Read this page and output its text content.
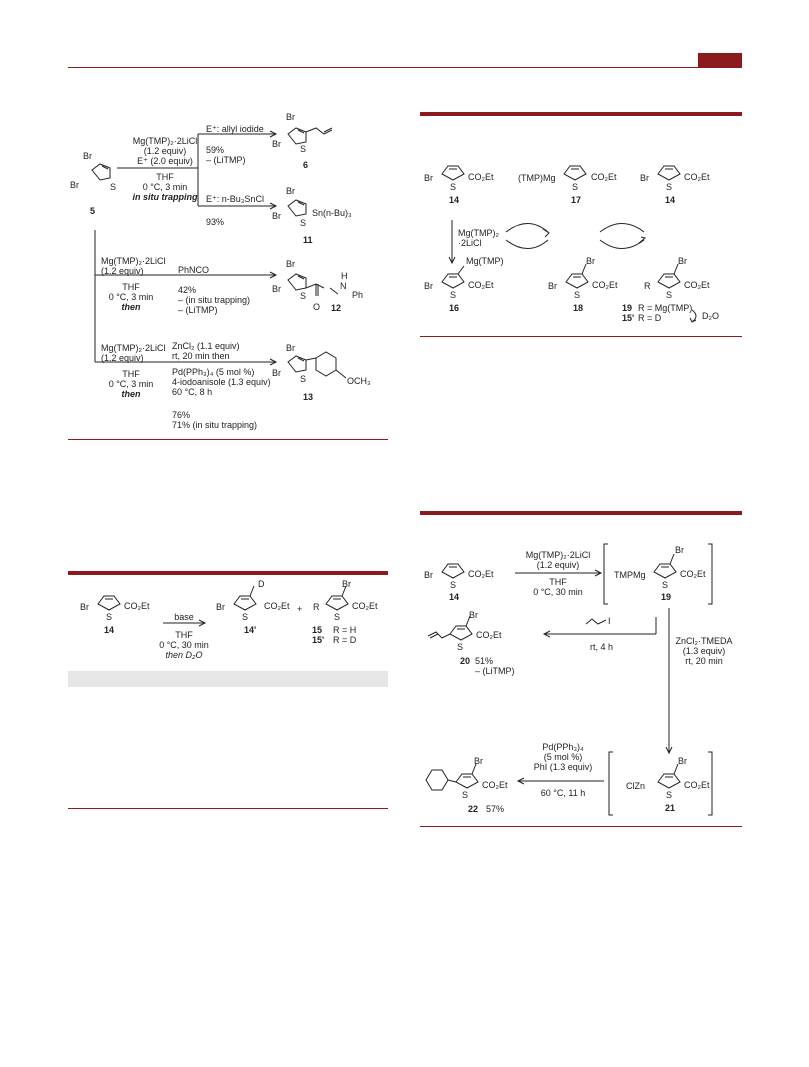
Br
Br	S
5
Mg(TMP)₂·2LiCl
(1.2 equiv)
E⁺ (2.0 equiv)
THF
0 °C, 3 min
in situ trapping
E⁺: allyl iodide
59%
– (LiTMP)
Br
Br S
6
E⁺: n-Bu₃SnCl
93%
Br
Br
S
Sn(n-Bu)₃
11
Mg(TMP)₂·2LiCl
(1.2 equiv)
THF
0 °C, 3 min
then
PhNCO
42%
– (in situ trapping)
– (LiTMP)
Br
Br
S
H
N
Ph
O 12
Mg(TMP)₂·2LiCl
(1.2 equiv)
THF
0 °C, 3 min
then
ZnCl₂ (1.1 equiv)
rt, 20 min then
Pd(PPh₃)₄ (5 mol %)
4-iodoanisole (1.3 equiv)
60 °C, 8 h
76%
71% (in situ trapping)
Br
Br
S	OCH₃
13
Br
S
CO₂Et
14
base
THF
0 °C, 30 min
then D₂O
D
Br
S
CO₂Et
14'
+
Br
R
S
CO₂Et
15 R = H
15' R = D
Br
S
CO₂Et
14
(TMP)Mg
S
CO₂Et
17
Br
S
CO₂Et
14
Mg(TMP)₂
·2LiCl
Mg(TMP)
Br
S
CO₂Et
16
Br
Br
S
CO₂Et
18
Br
R
S
CO₂Et
19 R = Mg(TMP)
15' R = D	D₂O
Br
S
CO₂Et
14
Mg(TMP)₂·2LiCl
(1.2 equiv)
THF
0 °C, 30 min
Br
TMPMg
S
CO₂Et
19
I
rt, 4 h
Br
S
CO₂Et
20 51%
– (LiTMP)
ZnCl₂·TMEDA
(1.3 equiv)
rt, 20 min
Pd(PPh₃)₄
(5 mol %)
PhI (1.3 equiv)
60 °C, 11 h
Br
ClZn
S
CO₂Et
21
Br
S
CO₂Et
22 57%
